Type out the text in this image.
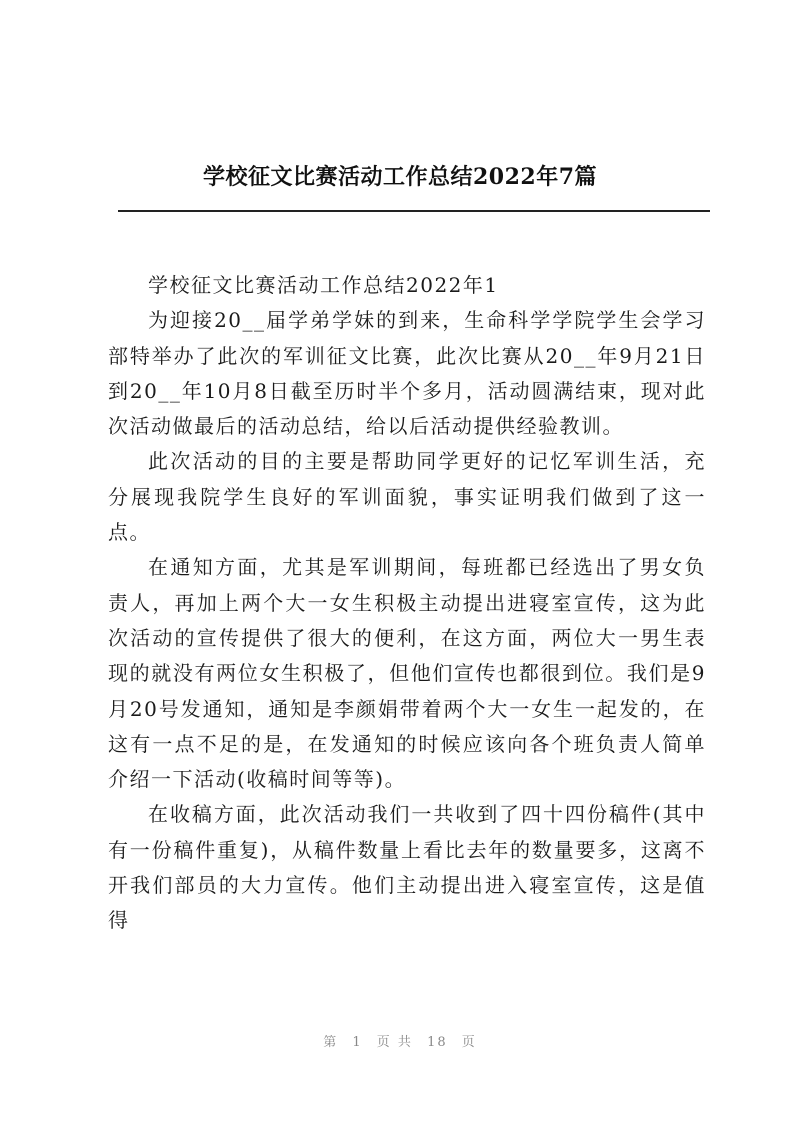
学校征文比赛活动工作总结2022年7篇

学校征文比赛活动工作总结2022年1

为迎接20__届学弟学妹的到来，生命科学学院学生会学习部特举办了此次的军训征文比赛，此次比赛从20__年9月21日到20__年10月8日截至历时半个多月，活动圆满结束，现对此次活动做最后的活动总结，给以后活动提供经验教训。

此次活动的目的主要是帮助同学更好的记忆军训生活，充分展现我院学生良好的军训面貌，事实证明我们做到了这一点。

在通知方面，尤其是军训期间，每班都已经选出了男女负责人，再加上两个大一女生积极主动提出进寝室宣传，这为此次活动的宣传提供了很大的便利，在这方面，两位大一男生表现的就没有两位女生积极了，但他们宣传也都很到位。我们是9月20号发通知，通知是李颜娟带着两个大一女生一起发的，在这有一点不足的是，在发通知的时候应该向各个班负责人简单介绍一下活动(收稿时间等等)。

在收稿方面，此次活动我们一共收到了四十四份稿件(其中有一份稿件重复)，从稿件数量上看比去年的数量要多，这离不开我们部员的大力宣传。他们主动提出进入寝室宣传，这是值得

第 1 页 共 18 页
